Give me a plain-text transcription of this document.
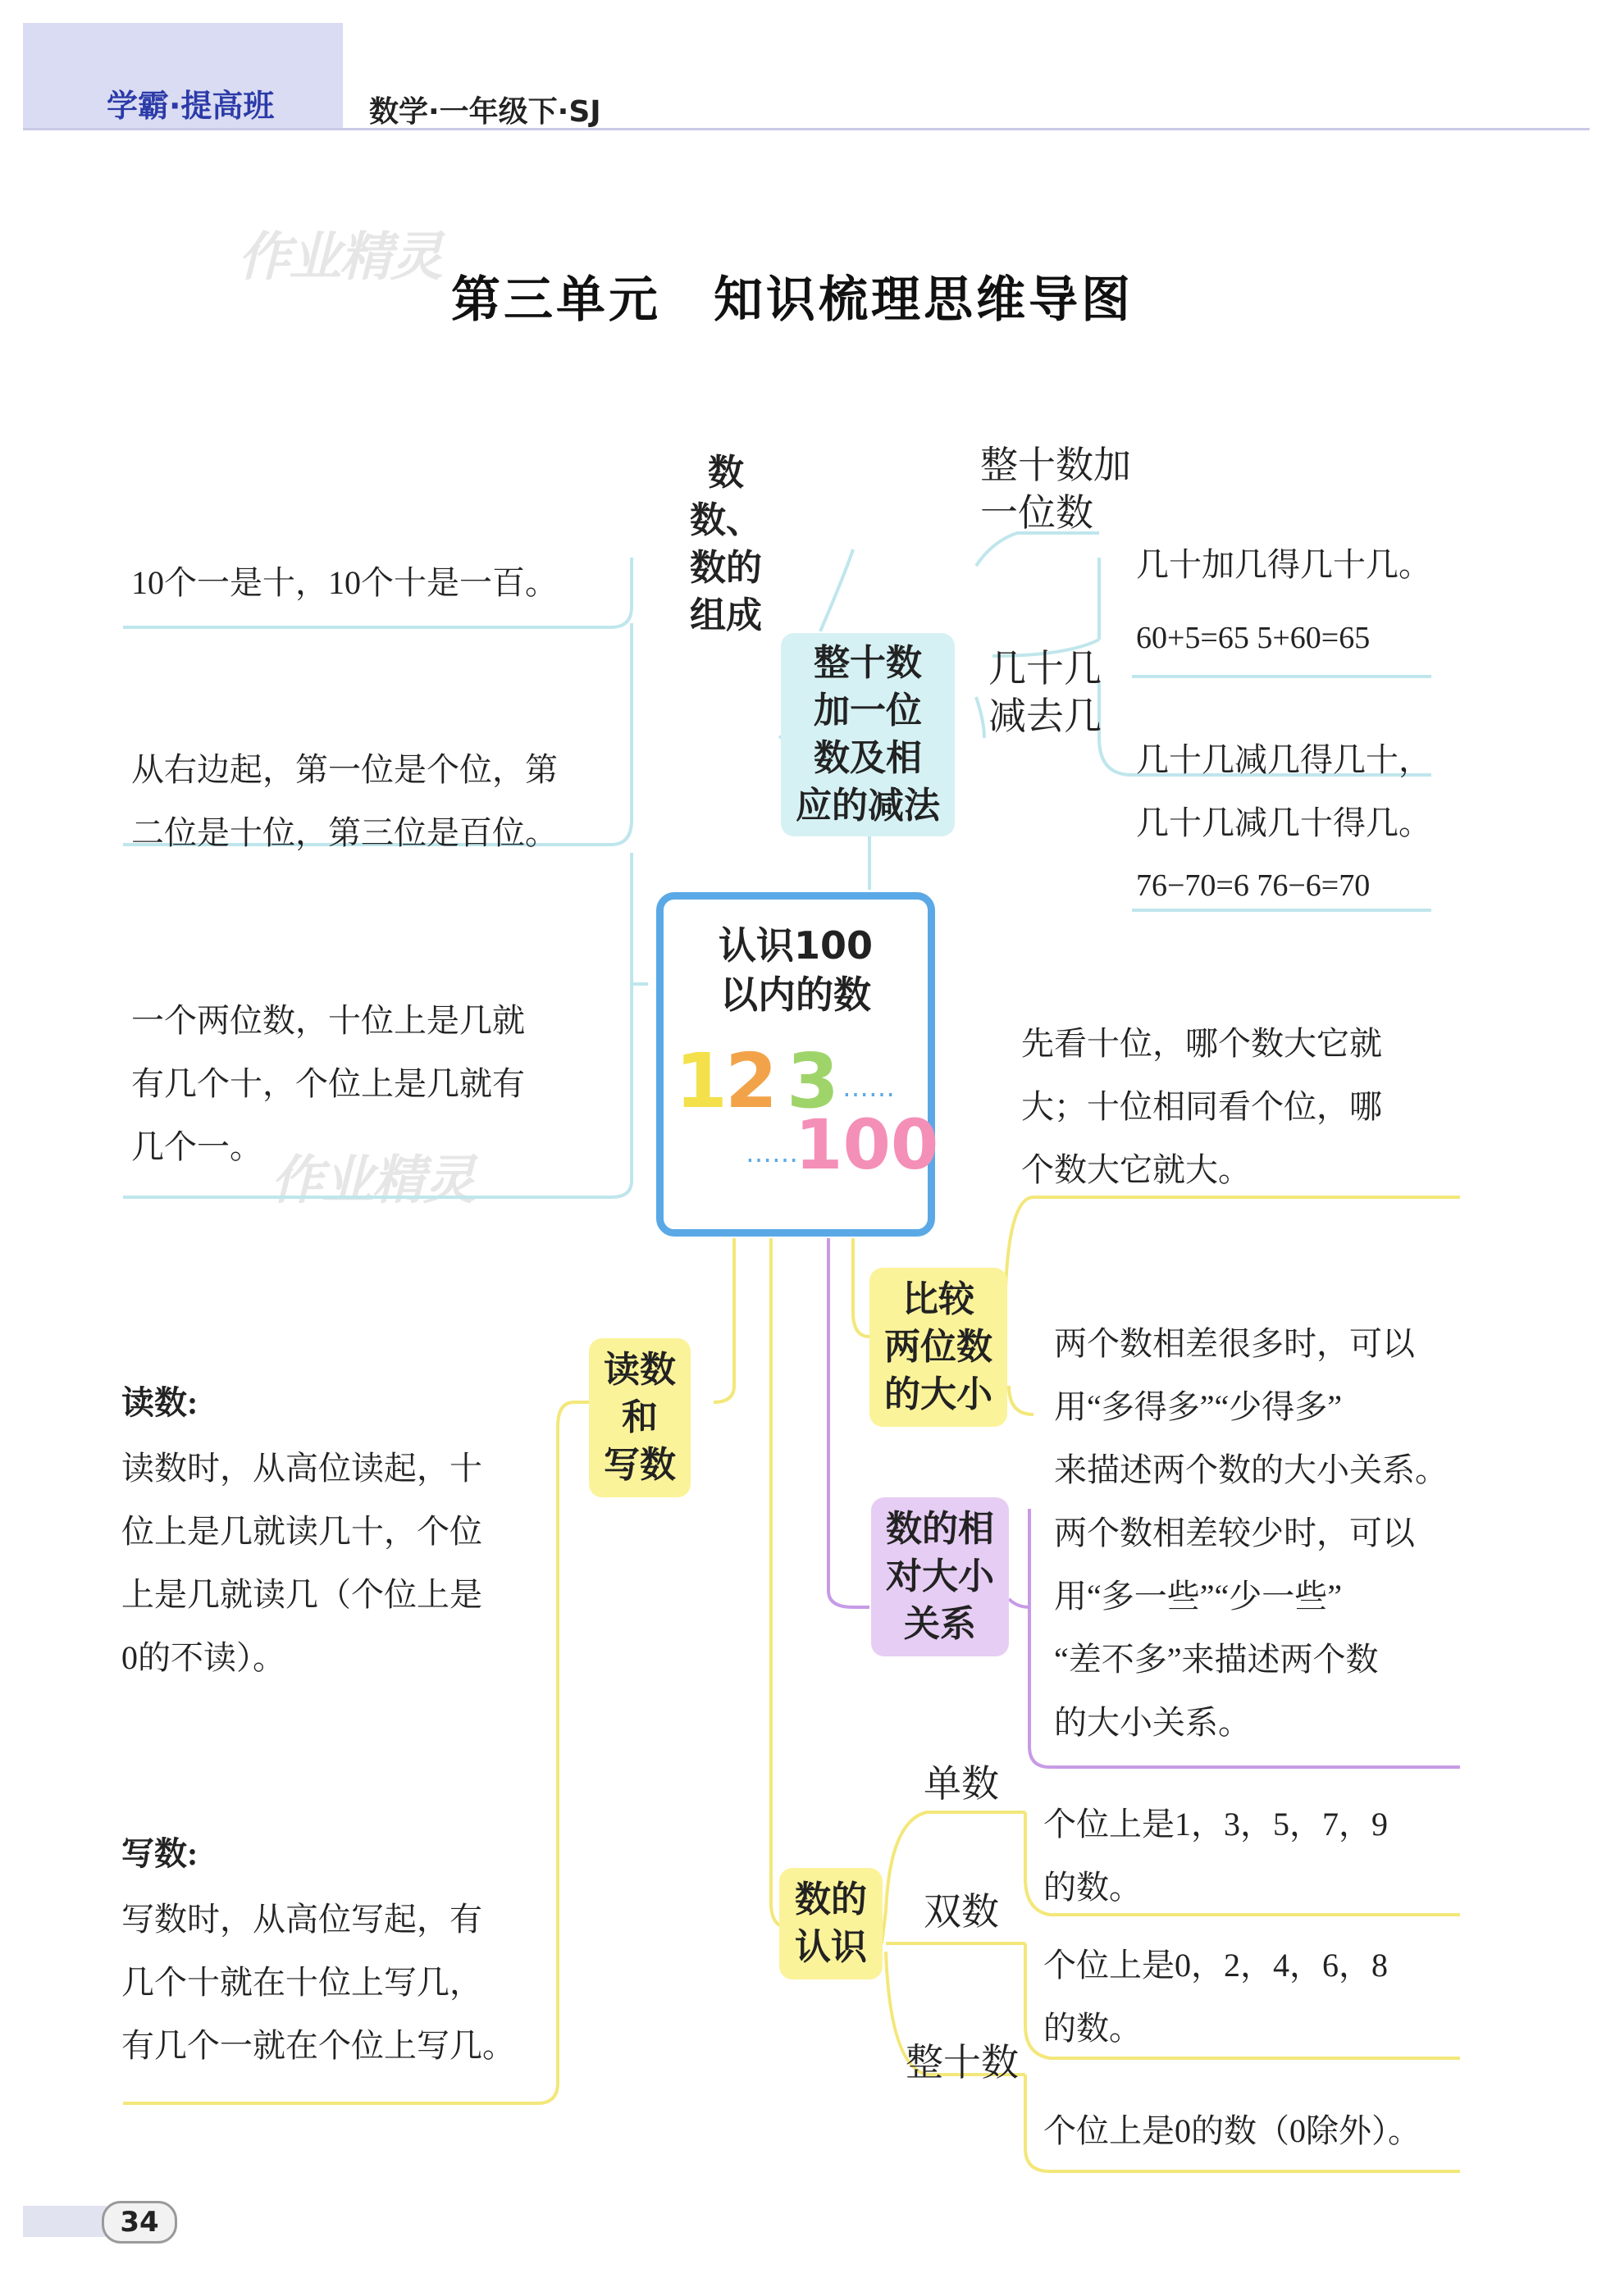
学霸·提高班	数学·一年级下·SJ
作业精灵
作业精灵
第三单元　知识梳理思维导图
数数、
数的
组成
10个一是十，10个十是一百。
从右边起，第一位是个位，第
二位是十位，第三位是百位。
一个两位数，十位上是几就
有几个十，个位上是几就有
几个一。
整十数
加一位
数及相
应的减法
整十数加
一位数
几十加几得几十几。
60+5=65 5+60=65
几十几
减去几
几十几减几得几十，
几十几减几十得几。
76−70=6 76−6=70
认识100
以内的数
1
2 3 ……
……
100
读数
和
写数
读数:
读数时，从高位读起，十
位上是几就读几十，个位
上是几就读几（个位上是
0的不读）。
写数:
写数时，从高位写起，有
几个十就在十位上写几，
有几个一就在个位上写几。
比较
两位数
的大小
先看十位，哪个数大它就
大；十位相同看个位，哪
个数大它就大。
数的相
对大小
关系
两个数相差很多时，可以
用“多得多”“少得多”
来描述两个数的大小关系。
两个数相差较少时，可以
用“多一些”“少一些”
“差不多”来描述两个数
的大小关系。
数的
认识
单数
个位上是1，3，5，7，9
的数。
双数
个位上是0，2，4，6，8
的数。
整十数
个位上是0的数（0除外）。
34
